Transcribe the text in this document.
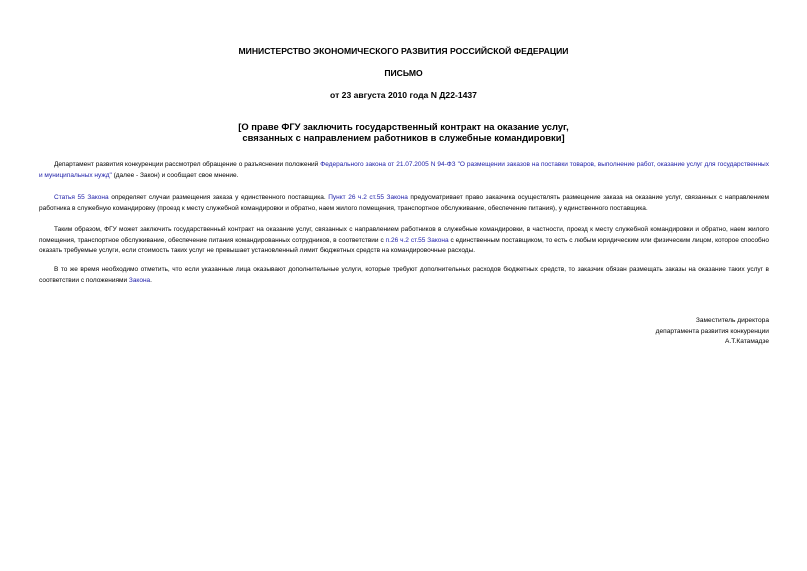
МИНИСТЕРСТВО ЭКОНОМИЧЕСКОГО РАЗВИТИЯ РОССИЙСКОЙ ФЕДЕРАЦИИ
ПИСЬМО
от 23 августа 2010 года N Д22-1437
[О праве ФГУ заключить государственный контракт на оказание услуг,
связанных с направлением работников в служебные командировки]
Департамент развития конкуренции рассмотрел обращение о разъяснении положений Федерального закона от 21.07.2005 N 94-ФЗ "О размещении заказов на поставки товаров, выполнение работ, оказание услуг для государственных и муниципальных нужд" (далее - Закон) и сообщает свое мнение.
Статья 55 Закона определяет случаи размещения заказа у единственного поставщика. Пункт 26 ч.2 ст.55 Закона предусматривает право заказчика осуществлять размещение заказа на оказание услуг, связанных с направлением работника в служебную командировку (проезд к месту служебной командировки и обратно, наем жилого помещения, транспортное обслуживание, обеспечение питания), у единственного поставщика.
Таким образом, ФГУ может заключить государственный контракт на оказание услуг, связанных с направлением работников в служебные командировки, в частности, проезд к месту служебной командировки и обратно, наем жилого помещения, транспортное обслуживание, обеспечение питания командированных сотрудников, в соответствии с п.26 ч.2 ст.55 Закона с единственным поставщиком, то есть с любым юридическим или физическим лицом, которое способно оказать требуемые услуги, если стоимость таких услуг не превышает установленный лимит бюджетных средств на командировочные расходы.
В то же время необходимо отметить, что если указанные лица оказывают дополнительные услуги, которые требуют дополнительных расходов бюджетных средств, то заказчик обязан размещать заказы на оказание таких услуг в соответствии с положениями Закона.
Заместитель директора
департамента развития конкуренции
А.Т.Катамадзе
